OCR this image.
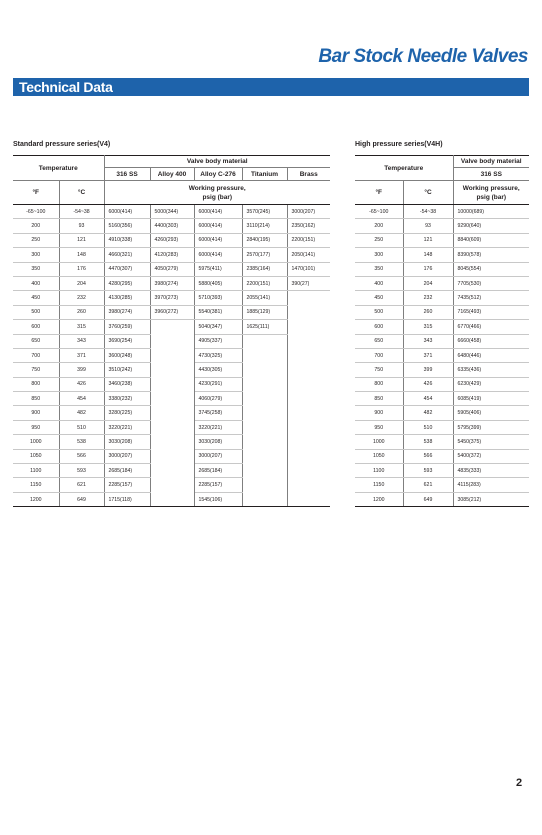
Bar Stock Needle Valves
Technical Data
Standard pressure series(V4)	High pressure series(V4H)
Temperature		Valve body material				
		316 SS	Alloy 400	Alloy C-276	Titanium	Brass
°F	°C	Working pressure,
psig (bar)				
-65~100	-54~38	6000(414)	5000(344)	6000(414)	3570(245)	3000(207)
200	93	5160(356)	4400(303)	6000(414)	3110(214)	2350(162)
250	121	4910(338)	4260(293)	6000(414)	2840(195)	2200(151)
300	148	4660(321)	4120(283)	6000(414)	2570(177)	2050(141)
350	176	4470(307)	4050(279)	5975(411)	2385(164)	1470(101)
400	204	4280(295)	3980(274)	5880(405)	2200(151)	390(27)
450	232	4130(285)	3970(273)	5710(393)	2055(141)	
500	260	3980(274)	3960(272)	5540(381)	1885(129)	
600	315	3760(259)		5040(347)	1625(111)	
650	343	3690(254)		4905(337)		
700	371	3600(248)		4730(325)		
750	399	3510(242)		4430(305)		
800	426	3460(238)		4230(291)		
850	454	3380(232)		4060(279)		
900	482	3280(225)		3745(258)		
950	510	3220(221)		3220(221)		
1000	538	3030(208)		3030(208)		
1050	566	3000(207)		3000(207)		
1100	593	2685(184)		2685(184)		
1150	621	2285(157)		2285(157)		
1200	649	1715(118)		1545(106)		
Temperature		Valve body material
		316 SS
°F	°C	Working pressure,
psig (bar)
-65~100	-54~38	10000(689)
200	93	9290(640)
250	121	8840(609)
300	148	8390(578)
350	176	8045(554)
400	204	7705(530)
450	232	7435(512)
500	260	7165(493)
600	315	6770(466)
650	343	6660(458)
700	371	6480(446)
750	399	6335(436)
800	426	6230(429)
850	454	6085(419)
900	482	5905(406)
950	510	5795(399)
1000	538	5450(375)
1050	566	5400(372)
1100	593	4835(333)
1150	621	4115(283)
1200	649	3085(212)
2
